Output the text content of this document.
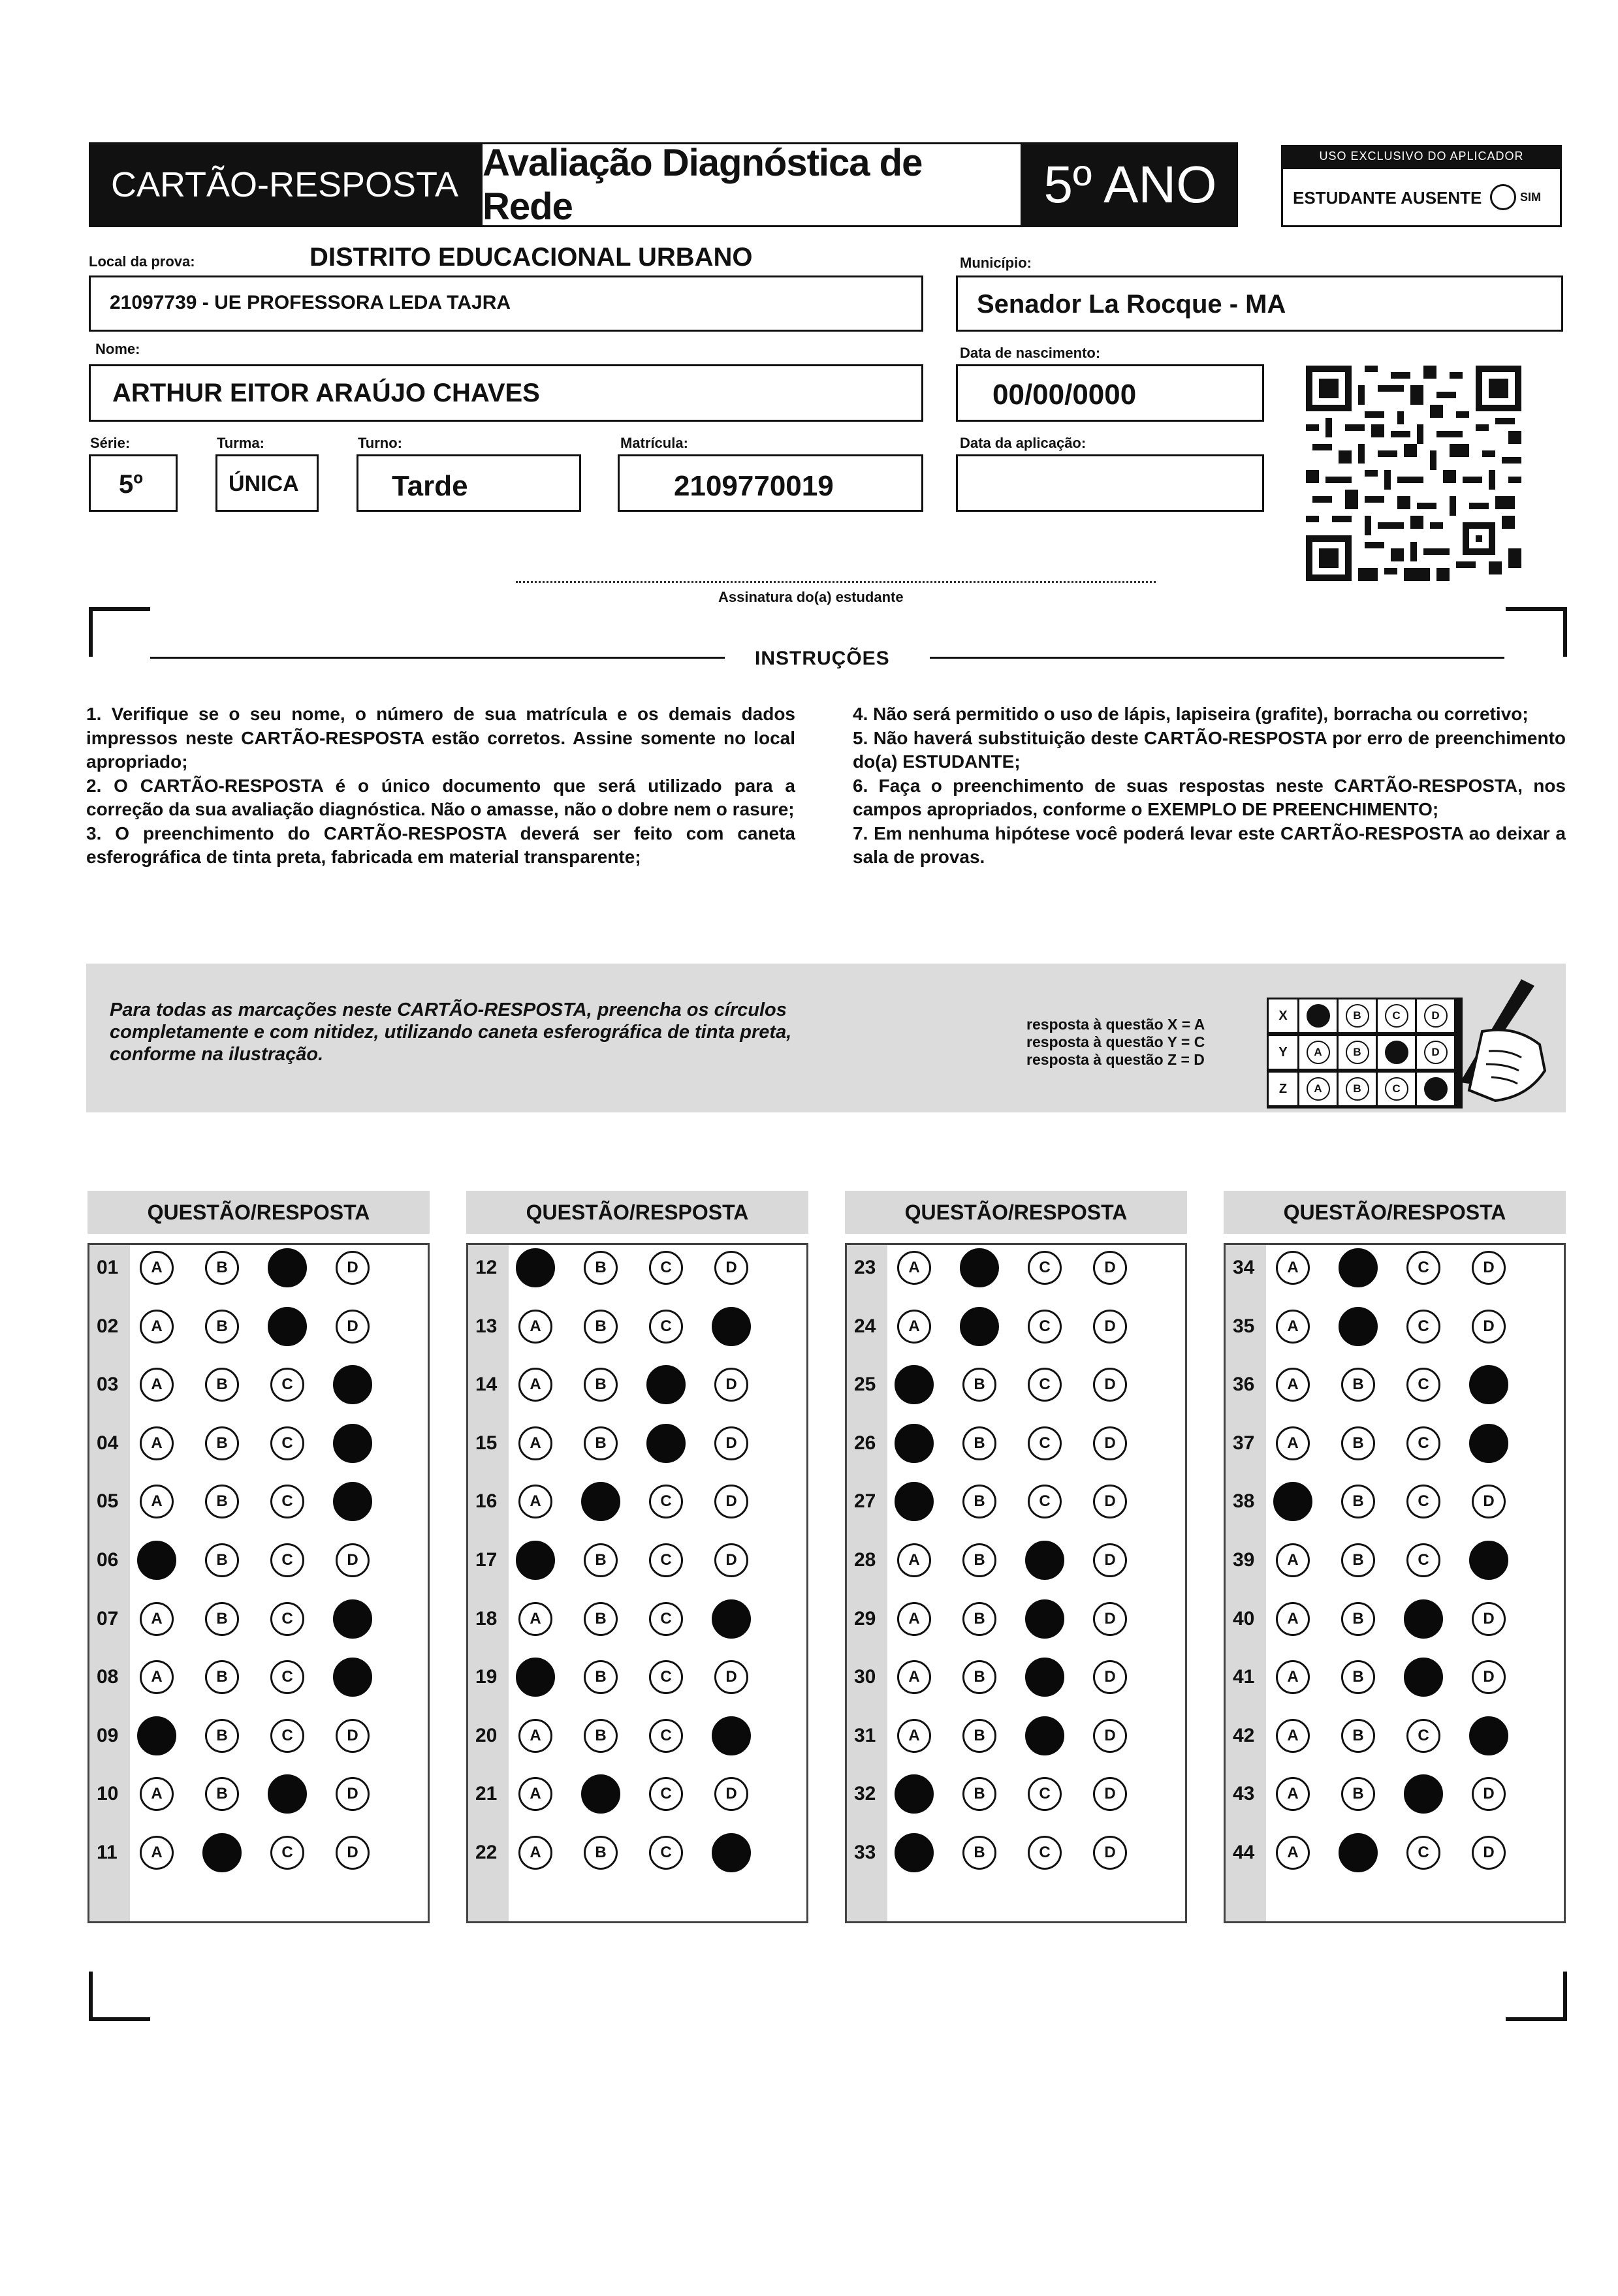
CARTÃO-RESPOSTA
Avaliação Diagnóstica de Rede	5º ANO	USO EXCLUSIVO DO APLICADOR
ESTUDANTE AUSENTE	SIM
Local da prova:	DISTRITO EDUCACIONAL URBANO
21097739 - UE PROFESSORA LEDA TAJRA
Município:
Senador La Rocque - MA
Nome:
ARTHUR EITOR ARAÚJO CHAVES
Data de nascimento:
00/00/0000
Série:
5º
Turma:
ÚNICA
Turno:
Tarde
Matrícula:
2109770019
Data da aplicação:
Assinatura do(a) estudante
INSTRUÇÕES

1. Verifique se o seu nome, o número de sua matrícula e os demais dados impressos neste CARTÃO-RESPOSTA estão corretos. Assine somente no local apropriado;

2. O CARTÃO-RESPOSTA é o único documento que será utilizado para a correção da sua avaliação diagnóstica. Não o amasse, não o dobre nem o rasure;

3. O preenchimento do CARTÃO-RESPOSTA deverá ser feito com caneta esferográfica de tinta preta, fabricada em material transparente;

4. Não será permitido o uso de lápis, lapiseira (grafite), borracha ou corretivo;

5. Não haverá substituição deste CARTÃO-RESPOSTA por erro de preenchimento do(a) ESTUDANTE;

6. Faça o preenchimento de suas respostas neste CARTÃO-RESPOSTA, nos campos apropriados, conforme o EXEMPLO DE PREENCHIMENTO;

7. Em nenhuma hipótese você poderá levar este CARTÃO-RESPOSTA ao deixar a sala de provas.

Para todas as marcações neste CARTÃO-RESPOSTA, preencha os círculos completamente e com nitidez, utilizando caneta esferográfica de tinta preta, conforme na ilustração.
resposta à questão X = A
resposta à questão Y = C
resposta à questão Z = D
X	B	C	D
Y	A	B	D
Z	A	B	C
QUESTÃO/RESPOSTA
01	A	B	D
02	A	B	D
03	A	B	C
04	A	B	C
05	A	B	C
06	B	C	D
07	A	B	C
08	A	B	C
09	B	C	D
10	A	B	D
11	A	C	D
QUESTÃO/RESPOSTA
12	B	C	D
13	A	B	C
14	A	B	D
15	A	B	D
16	A	C	D
17	B	C	D
18	A	B	C
19	B	C	D
20	A	B	C
21	A	C	D
22	A	B	C
QUESTÃO/RESPOSTA
23	A	C	D
24	A	C	D
25	B	C	D
26	B	C	D
27	B	C	D
28	A	B	D
29	A	B	D
30	A	B	D
31	A	B	D
32	B	C	D
33	B	C	D
QUESTÃO/RESPOSTA
34	A	C	D
35	A	C	D
36	A	B	C
37	A	B	C
38	B	C	D
39	A	B	C
40	A	B	D
41	A	B	D
42	A	B	C
43	A	B	D
44	A	C	D
